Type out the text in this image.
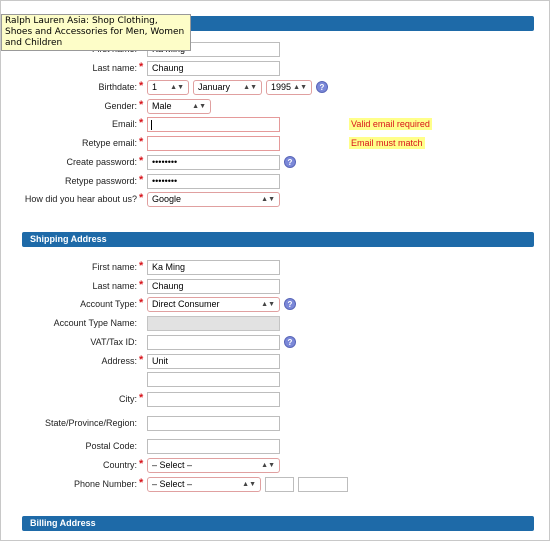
Ralph Lauren Asia: Shop Clothing, Shoes and Accessories for Men, Women and Children
Last name: * Chaung
Birthdate: * 1 ▲▼	January ▲▼	1995 ▲▼	?
Gender: * Male	▲▼
Email: *	Valid email required
Retype email: *	Email must match
Create password: * ••••••••	?
Retype password: * ••••••••
How did you hear about us? * Google	▲▼
Shipping Address
First name: * Ka Ming
Last name: * Chaung
Account Type: * Direct Consumer	▲▼	?
Account Type Name:
VAT/Tax ID:	?
Address: * Unit
City: *
State/Province/Region:
Postal Code:
Country: * – Select –	▲▼
Phone Number: * – Select –	▲▼
Billing Address
